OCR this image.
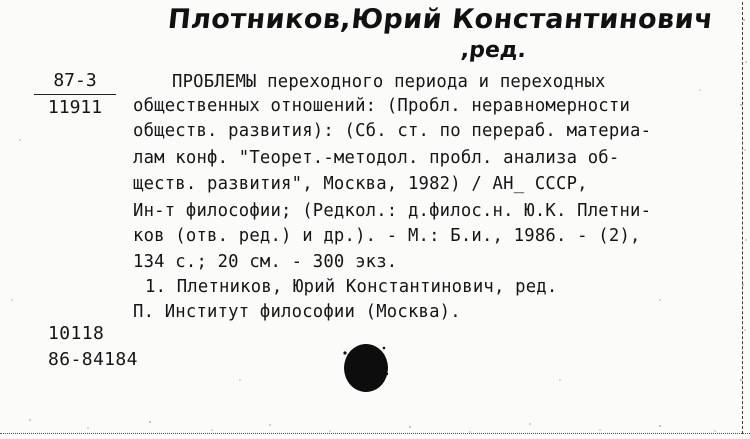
Плотников,Юрий Константинович
,ред.
87-3
11911
ПРОБЛЕМЫ переходного периода и переходных
общественных отношений: (Пробл. неравномерности
обществ. развития): (Сб. ст. по перераб. материа-
лам конф. "Теорет.-методол. пробл. анализа об-
ществ. развития", Москва, 1982) / АН_ СССР,
Ин-т философии; (Редкол.: д.филос.н. Ю.К. Плетни-
ков (отв. ред.) и др.). - М.: Б.и., 1986. - (2),
134 с.; 20 см. - 300 экз.
1. Плетников, Юрий Константинович, ред.
П. Институт философии (Москва).
10118
86-84184
